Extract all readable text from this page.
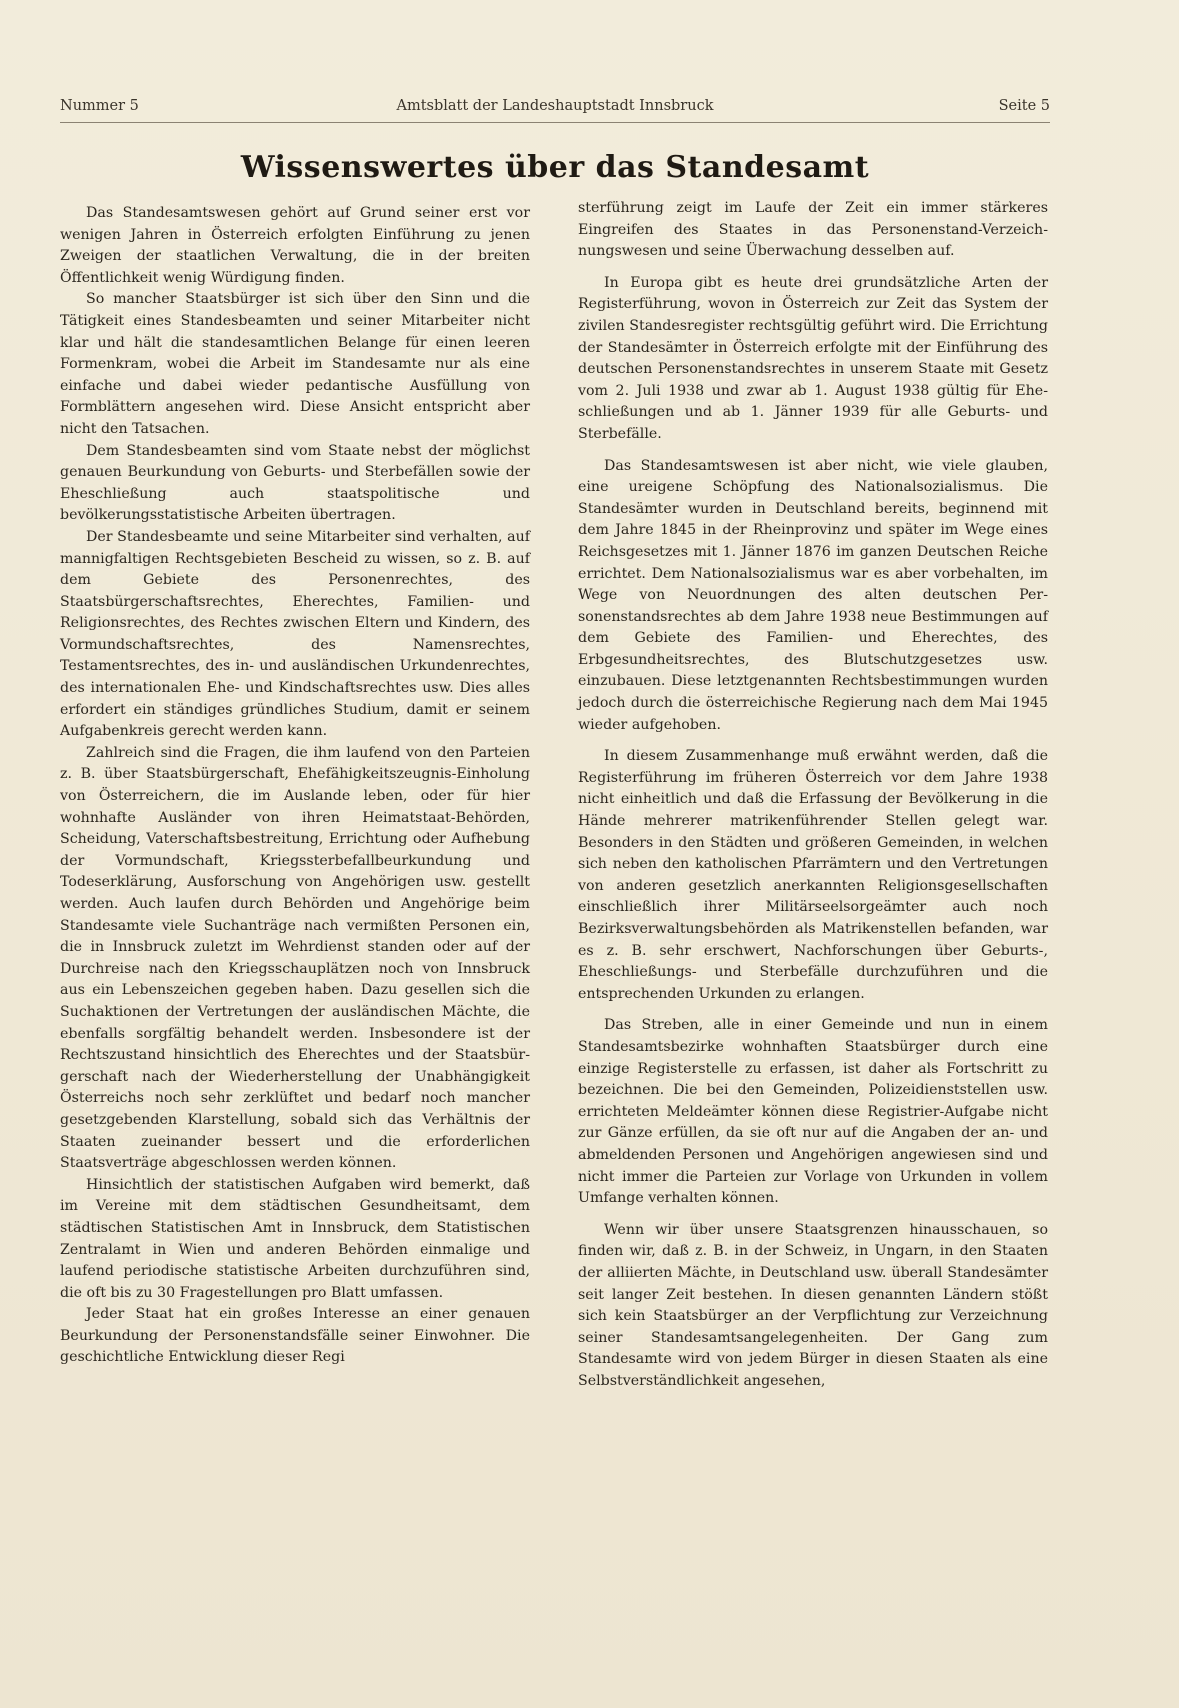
Nummer 5	Amtsblatt der Landeshauptstadt Innsbruck	Seite 5
Wissenswertes über das Standesamt

Das Standesamtswesen gehört auf Grund seiner erst vor wenigen Jahren in Österreich erfolgten Einführung zu jenen Zweigen der staatlichen Verwaltung, die in der breiten Öffentlichkeit wenig Würdigung finden.

So mancher Staatsbürger ist sich über den Sinn und die Tätigkeit eines Standesbeamten und seiner Mitarbeiter nicht klar und hält die standesamtlichen Belange für einen leeren Formenkram, wobei die Arbeit im Standesamte nur als eine einfache und dabei wieder pedantische Ausfüllung von Formblättern angesehen wird. Diese Ansicht entspricht aber nicht den Tatsachen.

Dem Standesbeamten sind vom Staate nebst der möglichst genauen Beurkundung von Geburts- und Sterbefällen sowie der Eheschließung auch staatspolitische und bevölkerungsstatistische Arbeiten übertragen.

Der Standesbeamte und seine Mitarbeiter sind verhalten, auf mannigfaltigen Rechtsgebieten Bescheid zu wissen, so z. B. auf dem Gebiete des Personenrechtes, des Staatsbürgerschaftsrechtes, Eherechtes, Familien- und Religionsrechtes, des Rechtes zwischen Eltern und Kindern, des Vormundschaftsrechtes, des Namensrechtes, Testamentsrechtes, des in- und ausländischen Urkundenrechtes, des internationalen Ehe- und Kindschaftsrechtes usw. Dies alles erfordert ein ständiges gründliches Studium, damit er seinem Aufgabenkreis gerecht werden kann.

Zahlreich sind die Fragen, die ihm laufend von den Parteien z. B. über Staatsbürgerschaft, Ehefähigkeitszeugnis-Einholung von Österreichern, die im Auslande leben, oder für hier wohnhafte Ausländer von ihren Heimatstaat-Behörden, Scheidung, Vaterschaftsbestreitung, Errichtung oder Aufhebung der Vormundschaft, Kriegssterbefallbeurkundung und Todeserklärung, Ausforschung von Angehörigen usw. gestellt werden. Auch laufen durch Behörden und Angehörige beim Standesamte viele Suchanträge nach vermißten Personen ein, die in Innsbruck zuletzt im Wehrdienst standen oder auf der Durchreise nach den Kriegsschauplätzen noch von Innsbruck aus ein Lebenszeichen gegeben haben. Dazu gesellen sich die Suchaktionen der Vertretungen der ausländischen Mächte, die ebenfalls sorgfältig behandelt werden. Insbesondere ist der Rechtszustand hinsichtlich des Eherechtes und der Staatsbürgerschaft nach der Wiederherstellung der Unabhängigkeit Österreichs noch sehr zerklüftet und bedarf noch mancher gesetzgebenden Klarstellung, sobald sich das Verhältnis der Staaten zueinander bessert und die erforderlichen Staatsverträge abgeschlossen werden können.

Hinsichtlich der statistischen Aufgaben wird bemerkt, daß im Vereine mit dem städtischen Gesundheitsamt, dem städtischen Statistischen Amt in Innsbruck, dem Statistischen Zentralamt in Wien und anderen Behörden einmalige und laufend periodische statistische Arbeiten durchzuführen sind, die oft bis zu 30 Fragestellungen pro Blatt umfassen.

Jeder Staat hat ein großes Interesse an einer genauen Beurkundung der Personenstandsfälle seiner Einwohner. Die geschichtliche Entwicklung dieser Regi

sterführung zeigt im Laufe der Zeit ein immer stärkeres Eingreifen des Staates in das Personenstand-Verzeichnungswesen und seine Überwachung desselben auf.

In Europa gibt es heute drei grundsätzliche Arten der Registerführung, wovon in Österreich zur Zeit das System der zivilen Standesregister rechtsgültig geführt wird. Die Errichtung der Standesämter in Österreich erfolgte mit der Einführung des deutschen Personenstandsrechtes in unserem Staate mit Gesetz vom 2. Juli 1938 und zwar ab 1. August 1938 gültig für Eheschließungen und ab 1. Jänner 1939 für alle Geburts- und Sterbefälle.

Das Standesamtswesen ist aber nicht, wie viele glauben, eine ureigene Schöpfung des Nationalsozialismus. Die Standesämter wurden in Deutschland bereits, beginnend mit dem Jahre 1845 in der Rheinprovinz und später im Wege eines Reichsgesetzes mit 1. Jänner 1876 im ganzen Deutschen Reiche errichtet. Dem Nationalsozialismus war es aber vorbehalten, im Wege von Neuordnungen des alten deutschen Personenstandsrechtes ab dem Jahre 1938 neue Bestimmungen auf dem Gebiete des Familien- und Eherechtes, des Erbgesundheitsrechtes, des Blutschutzgesetzes usw. einzubauen. Diese letztgenannten Rechtsbestimmungen wurden jedoch durch die österreichische Regierung nach dem Mai 1945 wieder aufgehoben.

In diesem Zusammenhange muß erwähnt werden, daß die Registerführung im früheren Österreich vor dem Jahre 1938 nicht einheitlich und daß die Erfassung der Bevölkerung in die Hände mehrerer matrikenführender Stellen gelegt war. Besonders in den Städten und größeren Gemeinden, in welchen sich neben den katholischen Pfarrämtern und den Vertretungen von anderen gesetzlich anerkannten Religionsgesellschaften einschließlich ihrer Militärseelsorgeämter auch noch Bezirksverwaltungsbehörden als Matrikenstellen befanden, war es z. B. sehr erschwert, Nachforschungen über Geburts-, Eheschließungs- und Sterbefälle durchzuführen und die entsprechenden Urkunden zu erlangen.

Das Streben, alle in einer Gemeinde und nun in einem Standesamtsbezirke wohnhaften Staatsbürger durch eine einzige Registerstelle zu erfassen, ist daher als Fortschritt zu bezeichnen. Die bei den Gemeinden, Polizeidienststellen usw. errichteten Meldeämter können diese Registrier-Aufgabe nicht zur Gänze erfüllen, da sie oft nur auf die Angaben der an- und abmeldenden Personen und Angehörigen angewiesen sind und nicht immer die Parteien zur Vorlage von Urkunden in vollem Umfange verhalten können.

Wenn wir über unsere Staatsgrenzen hinausschauen, so finden wir, daß z. B. in der Schweiz, in Ungarn, in den Staaten der alliierten Mächte, in Deutschland usw. überall Standesämter seit langer Zeit bestehen. In diesen genannten Ländern stößt sich kein Staatsbürger an der Verpflichtung zur Verzeichnung seiner Standesamtsangelegenheiten. Der Gang zum Standesamte wird von jedem Bürger in diesen Staaten als eine Selbstverständlichkeit angesehen,
